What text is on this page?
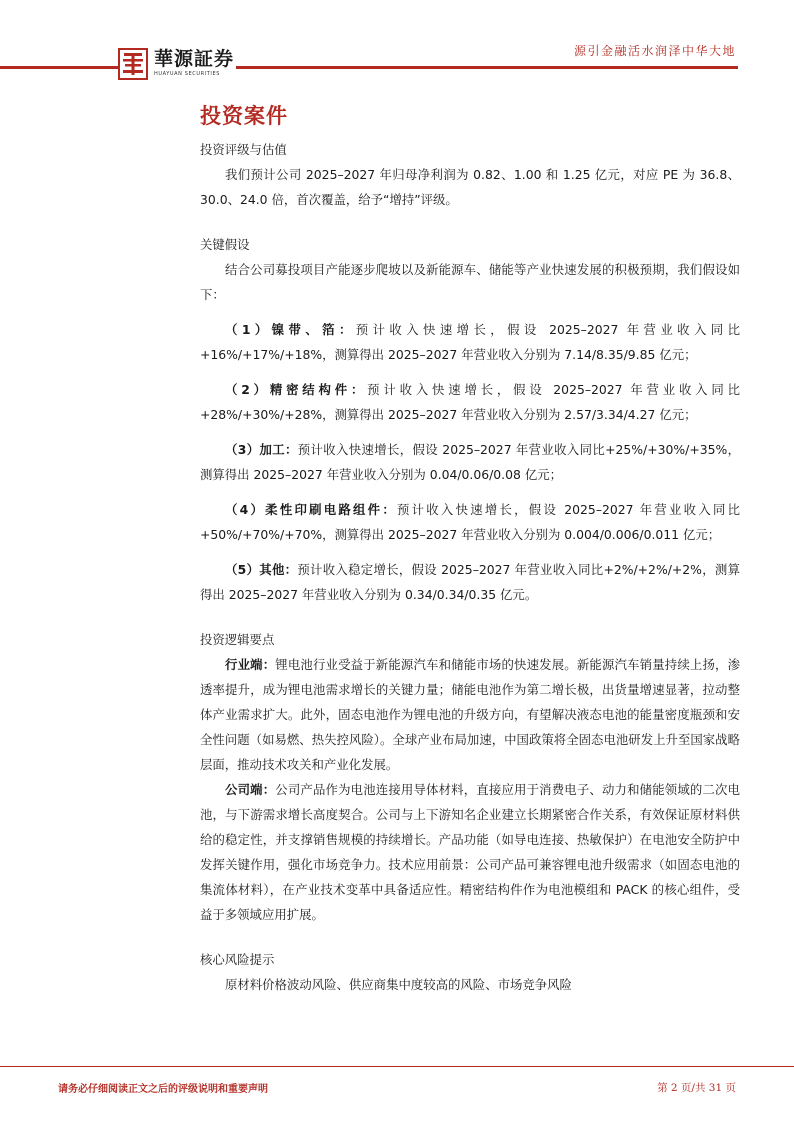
華源証券
HUAYUAN SECURITIES
源引金融活水润泽中华大地
投资案件

投资评级与估值

我们预计公司 2025–2027 年归母净利润为 0.82、1.00 和 1.25 亿元，对应 PE 为 36.8、30.0、24.0 倍，首次覆盖，给予“增持”评级。

关键假设

结合公司募投项目产能逐步爬坡以及新能源车、储能等产业快速发展的积极预期，我们假设如下：

（1）镍带、箔：预计收入快速增长，假设 2025–2027 年营业收入同比+16%/+17%/+18%，测算得出 2025–2027 年营业收入分别为 7.14/8.35/9.85 亿元；

（2）精密结构件：预计收入快速增长，假设 2025–2027 年营业收入同比+28%/+30%/+28%，测算得出 2025–2027 年营业收入分别为 2.57/3.34/4.27 亿元；

（3）加工：预计收入快速增长，假设 2025–2027 年营业收入同比+25%/+30%/+35%，测算得出 2025–2027 年营业收入分别为 0.04/0.06/0.08 亿元；

（4）柔性印刷电路组件：预计收入快速增长，假设 2025–2027 年营业收入同比+50%/+70%/+70%，测算得出 2025–2027 年营业收入分别为 0.004/0.006/0.011 亿元；

（5）其他：预计收入稳定增长，假设 2025–2027 年营业收入同比+2%/+2%/+2%，测算得出 2025–2027 年营业收入分别为 0.34/0.34/0.35 亿元。

投资逻辑要点

行业端：锂电池行业受益于新能源汽车和储能市场的快速发展。新能源汽车销量持续上扬，渗透率提升，成为锂电池需求增长的关键力量；储能电池作为第二增长极，出货量增速显著，拉动整体产业需求扩大。此外，固态电池作为锂电池的升级方向，有望解决液态电池的能量密度瓶颈和安全性问题（如易燃、热失控风险）。全球产业布局加速，中国政策将全固态电池研发上升至国家战略层面，推动技术攻关和产业化发展。

公司端：公司产品作为电池连接用导体材料，直接应用于消费电子、动力和储能领域的二次电池，与下游需求增长高度契合。公司与上下游知名企业建立长期紧密合作关系，有效保证原材料供给的稳定性，并支撑销售规模的持续增长。产品功能（如导电连接、热敏保护）在电池安全防护中发挥关键作用，强化市场竞争力。技术应用前景：公司产品可兼容锂电池升级需求（如固态电池的集流体材料），在产业技术变革中具备适应性。精密结构件作为电池模组和 PACK 的核心组件，受益于多领域应用扩展。

核心风险提示

原材料价格波动风险、供应商集中度较高的风险、市场竞争风险

请务必仔细阅读正文之后的评级说明和重要声明	第 2 页/共 31 页
